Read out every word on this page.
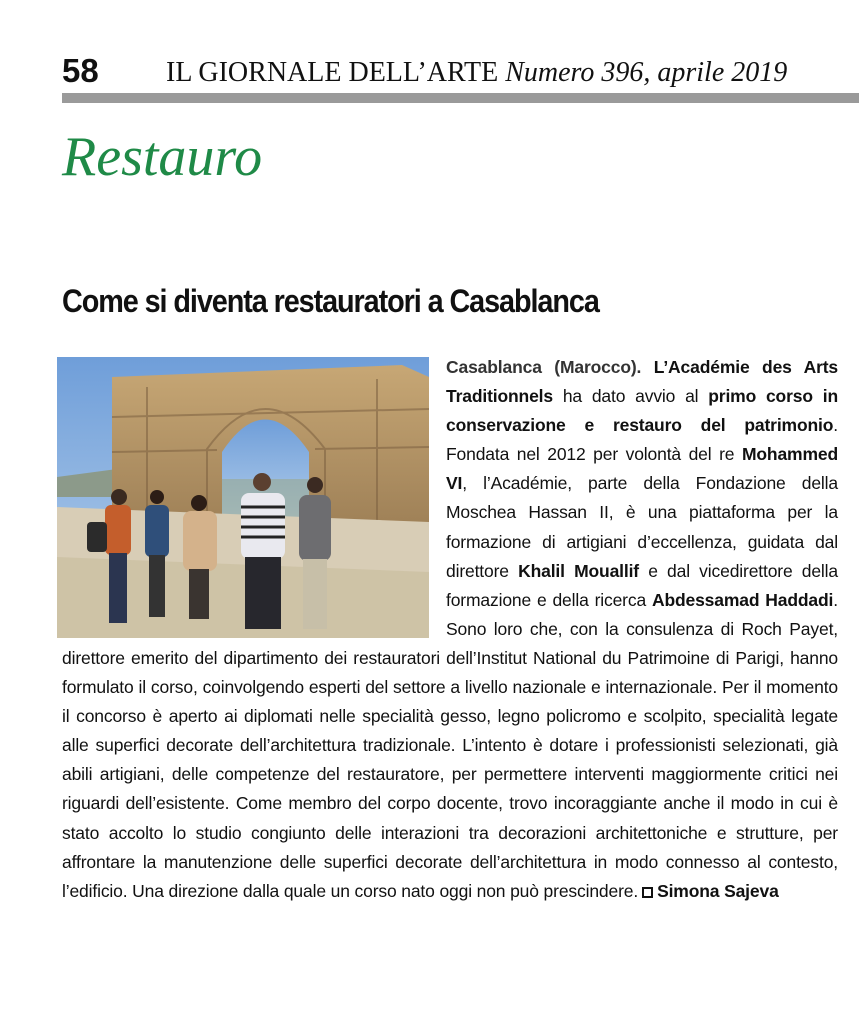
58 IL GIORNALE DELL’ARTE Numero 396, aprile 2019
Restauro
Come si diventa restauratori a Casablanca
Casablanca (Marocco). L’Académie des Arts Traditionnels ha dato avvio al primo corso in conservazione e restauro del patrimonio. Fondata nel 2012 per volontà del re Mohammed VI, l’Académie, parte della Fondazione della Moschea Hassan II, è una piattaforma per la formazione di artigiani d’eccellenza, guidata dal direttore Khalil Mouallif e dal vicedirettore della formazione e della ricerca Abdessamad Haddadi. Sono loro che, con la consulenza di Roch Payet, direttore emerito del dipartimento dei restauratori dell’Institut National du Patrimoine di Parigi, hanno formulato il corso, coinvolgendo esperti del settore a livello nazionale e internazionale. Per il momento il concorso è aperto ai diplomati nelle specialità gesso, legno policromo e scolpito, specialità legate alle superfici decorate dell’architettura tradizionale. L’intento è dotare i professionisti selezionati, già abili artigiani, delle competenze del restauratore, per permettere interventi maggiormente critici nei riguardi dell’esistente. Come membro del corpo docente, trovo incoraggiante anche il modo in cui è stato accolto lo studio congiunto delle interazioni tra decorazioni architettoniche e strutture, per affrontare la manutenzione delle superfici decorate dell’architettura in modo connesso al contesto, l’edificio. Una direzione dalla quale un corso nato oggi non può prescindere. Simona Sajeva
